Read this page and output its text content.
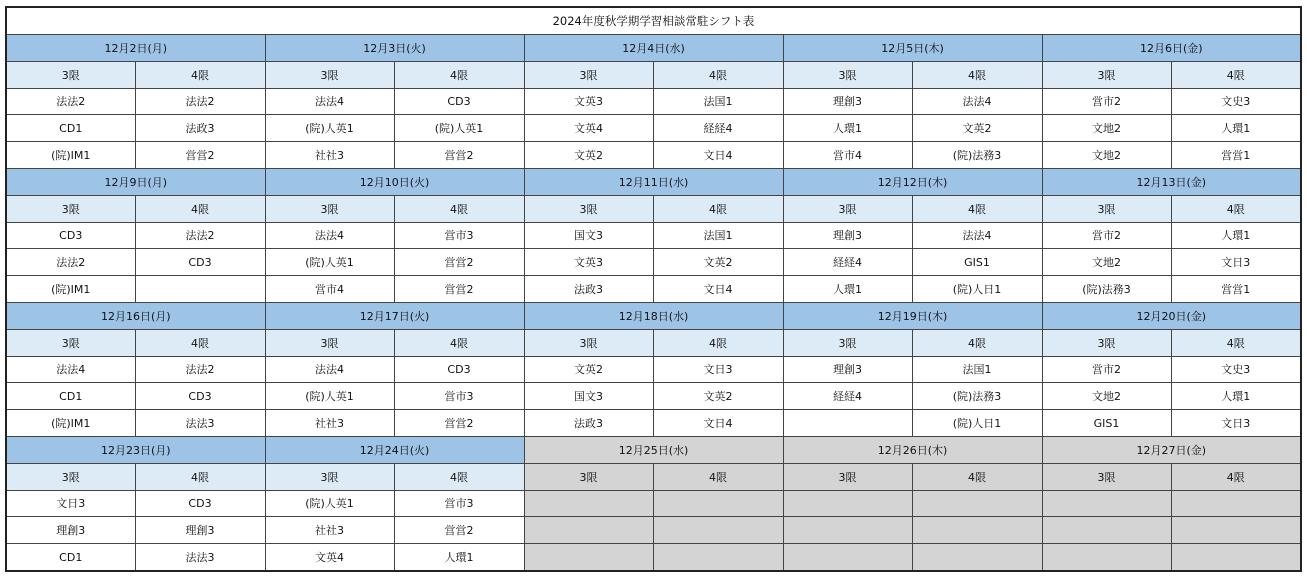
2024年度秋学期学習相談常駐シフト表									
12月2日(月)		12月3日(火)		12月4日(水)		12月5日(木)		12月6日(金)	
3限	4限	3限	4限	3限	4限	3限	4限	3限	4限
法法2	法法2	法法4	CD3	文英3	法国1	理創3	法法4	営市2	文史3
CD1	法政3	(院)人英1	(院)人英1	文英4	経経4	人環1	文英2	文地2	人環1
(院)IM1	営営2	社社3	営営2	文英2	文日4	営市4	(院)法務3	文地2	営営1
12月9日(月)		12月10日(火)		12月11日(水)		12月12日(木)		12月13日(金)	
3限	4限	3限	4限	3限	4限	3限	4限	3限	4限
CD3	法法2	法法4	営市3	国文3	法国1	理創3	法法4	営市2	人環1
法法2	CD3	(院)人英1	営営2	文英3	文英2	経経4	GIS1	文地2	文日3
(院)IM1		営市4	営営2	法政3	文日4	人環1	(院)人日1	(院)法務3	営営1
12月16日(月)		12月17日(火)		12月18日(水)		12月19日(木)		12月20日(金)	
3限	4限	3限	4限	3限	4限	3限	4限	3限	4限
法法4	法法2	法法4	CD3	文英2	文日3	理創3	法国1	営市2	文史3
CD1	CD3	(院)人英1	営市3	国文3	文英2	経経4	(院)法務3	文地2	人環1
(院)IM1	法法3	社社3	営営2	法政3	文日4		(院)人日1	GIS1	文日3
12月23日(月)		12月24日(火)		12月25日(水)		12月26日(木)		12月27日(金)	
3限	4限	3限	4限	3限	4限	3限	4限	3限	4限
文日3	CD3	(院)人英1	営市3						
理創3	理創3	社社3	営営2						
CD1	法法3	文英4	人環1						
